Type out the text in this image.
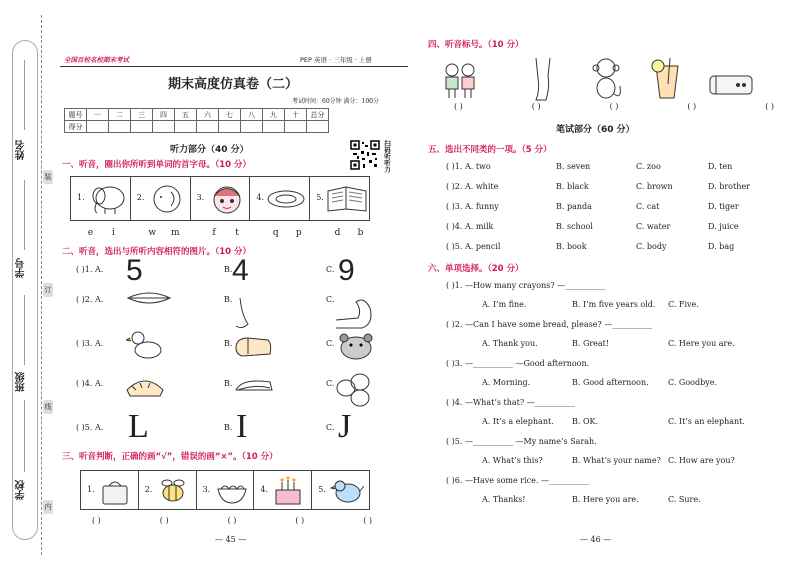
姓名
学号
班级
学校
装
订
线
内
全国百校名校期末考试	PEP 英语 · 三年级 · 上册
期末高度仿真卷（二）
考试时间：60分钟 满分：100分
题号	一	二	三	四	五	六	七	八	九	十	总分
得分											
扫码听听力
听力部分（40 分）
一、听音，圈出你所听到单词的首字母。（10 分）
1.	2.	3.	4.	5.
e i	w m	f t	q p	d b
二、听音，选出与所听内容相符的图片。（10 分）
( )1. A. 5	B. 4	C. 9
( )2. A.	B.	C.
( )3. A.	B.	C.
( )4. A.	B.	C.
( )5. A. L	B. I	C. J
三、听音判断，正确的画“√”，错误的画“×”。（10 分）
1.	2.	3.	4.	5.
( )	( )	( )	( )	( )
— 45 —
四、听音标号。（10 分）
( )	( )	( )	( )	( )
笔试部分（60 分）
五、选出不同类的一项。（5 分）
( )1. A. two	B. seven	C. zoo	D. ten
( )2. A. white	B. black	C. brown	D. brother
( )3. A. funny	B. panda	C. cat	D. tiger
( )4. A. milk	B. school	C. water	D. juice
( )5. A. pencil	B. book	C. body	D. bag
六、单项选择。（20 分）
( )1. —How many crayons? —__________
A. I’m fine.	B. I’m five years old. C. Five.
( )2. —Can I have some bread, please? —__________
A. Thank you.	B. Great!	C. Here you are.
( )3. —__________ —Good afternoon.
A. Morning.	B. Good afternoon. C. Goodbye.
( )4. —What’s that? —__________
A. It’s a elephant. B. OK.	C. It’s an elephant.
( )5. —__________ —My name’s Sarah.
A. What’s this?	B. What’s your name? C. How are you?
( )6. —Have some rice. —__________
A. Thanks!	B. Here you are.	C. Sure.
— 46 —
